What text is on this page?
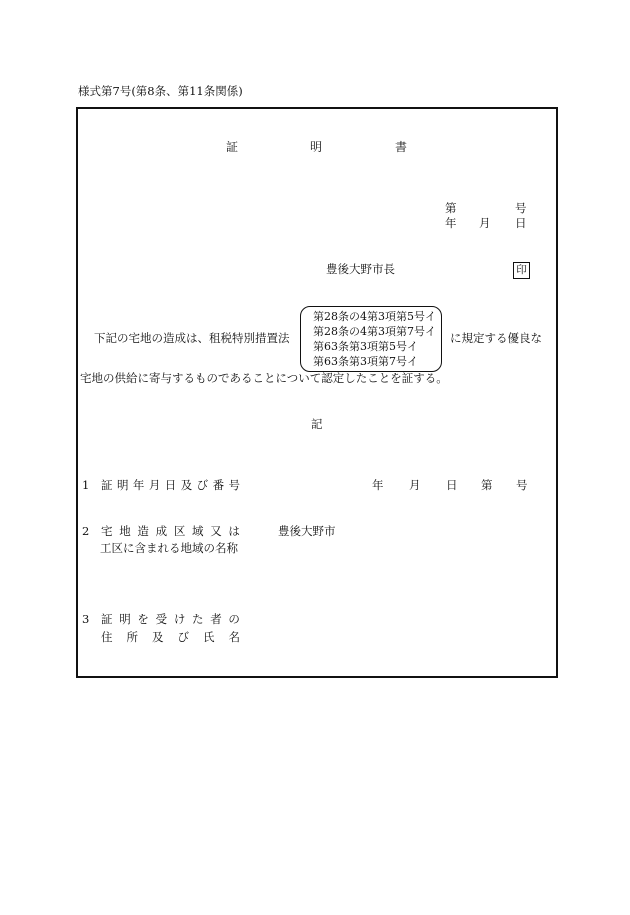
様式第7号(第8条、第11条関係)
証	明	書
第	号
年 月 日
豊後大野市長	印
下記の宅地の造成は、租税特別措置法
第28条の4第3項第5号イ
第28条の4第3項第7号イ
第63条第3項第5号イ
第63条第3項第7号イ
に規定する優良な
宅地の供給に寄与するものであることについて認定したことを証する。
記
1 証 明 年 月 日 及 び 番 号	年 月 日 第 号
2 宅 地 造 成 区 域 又 は
工区に含まれる地域の名称
豊後大野市
3 証 明 を 受 け た 者 の
住 所 及 び 氏 名
